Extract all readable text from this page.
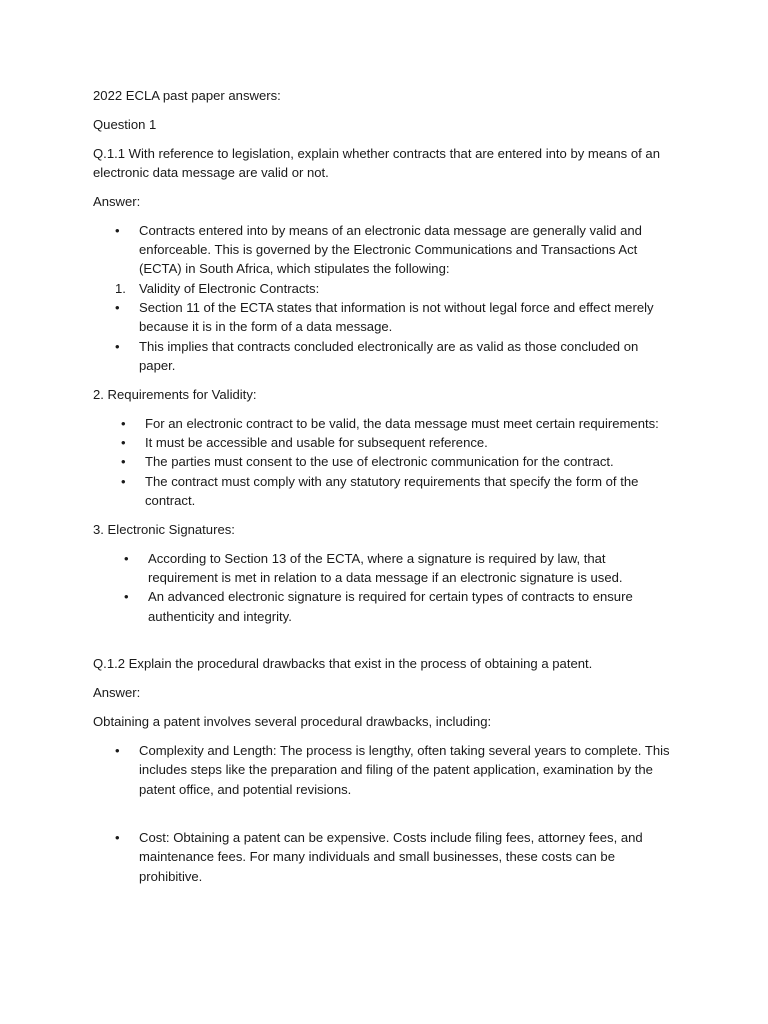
2022 ECLA past paper answers:

Question 1

Q.1.1 With reference to legislation, explain whether contracts that are entered into by means of an electronic data message are valid or not.

Answer:

• Contracts entered into by means of an electronic data message are generally valid and enforceable. This is governed by the Electronic Communications and Transactions Act (ECTA) in South Africa, which stipulates the following:
1. Validity of Electronic Contracts:
• Section 11 of the ECTA states that information is not without legal force and effect merely because it is in the form of a data message.
• This implies that contracts concluded electronically are as valid as those concluded on paper.

2. Requirements for Validity:

• For an electronic contract to be valid, the data message must meet certain requirements:
• It must be accessible and usable for subsequent reference.
• The parties must consent to the use of electronic communication for the contract.
• The contract must comply with any statutory requirements that specify the form of the contract.

3. Electronic Signatures:

• According to Section 13 of the ECTA, where a signature is required by law, that requirement is met in relation to a data message if an electronic signature is used.
• An advanced electronic signature is required for certain types of contracts to ensure authenticity and integrity.

Q.1.2 Explain the procedural drawbacks that exist in the process of obtaining a patent.

Answer:

Obtaining a patent involves several procedural drawbacks, including:

• Complexity and Length: The process is lengthy, often taking several years to complete. This includes steps like the preparation and filing of the patent application, examination by the patent office, and potential revisions.
• Cost: Obtaining a patent can be expensive. Costs include filing fees, attorney fees, and maintenance fees. For many individuals and small businesses, these costs can be prohibitive.
